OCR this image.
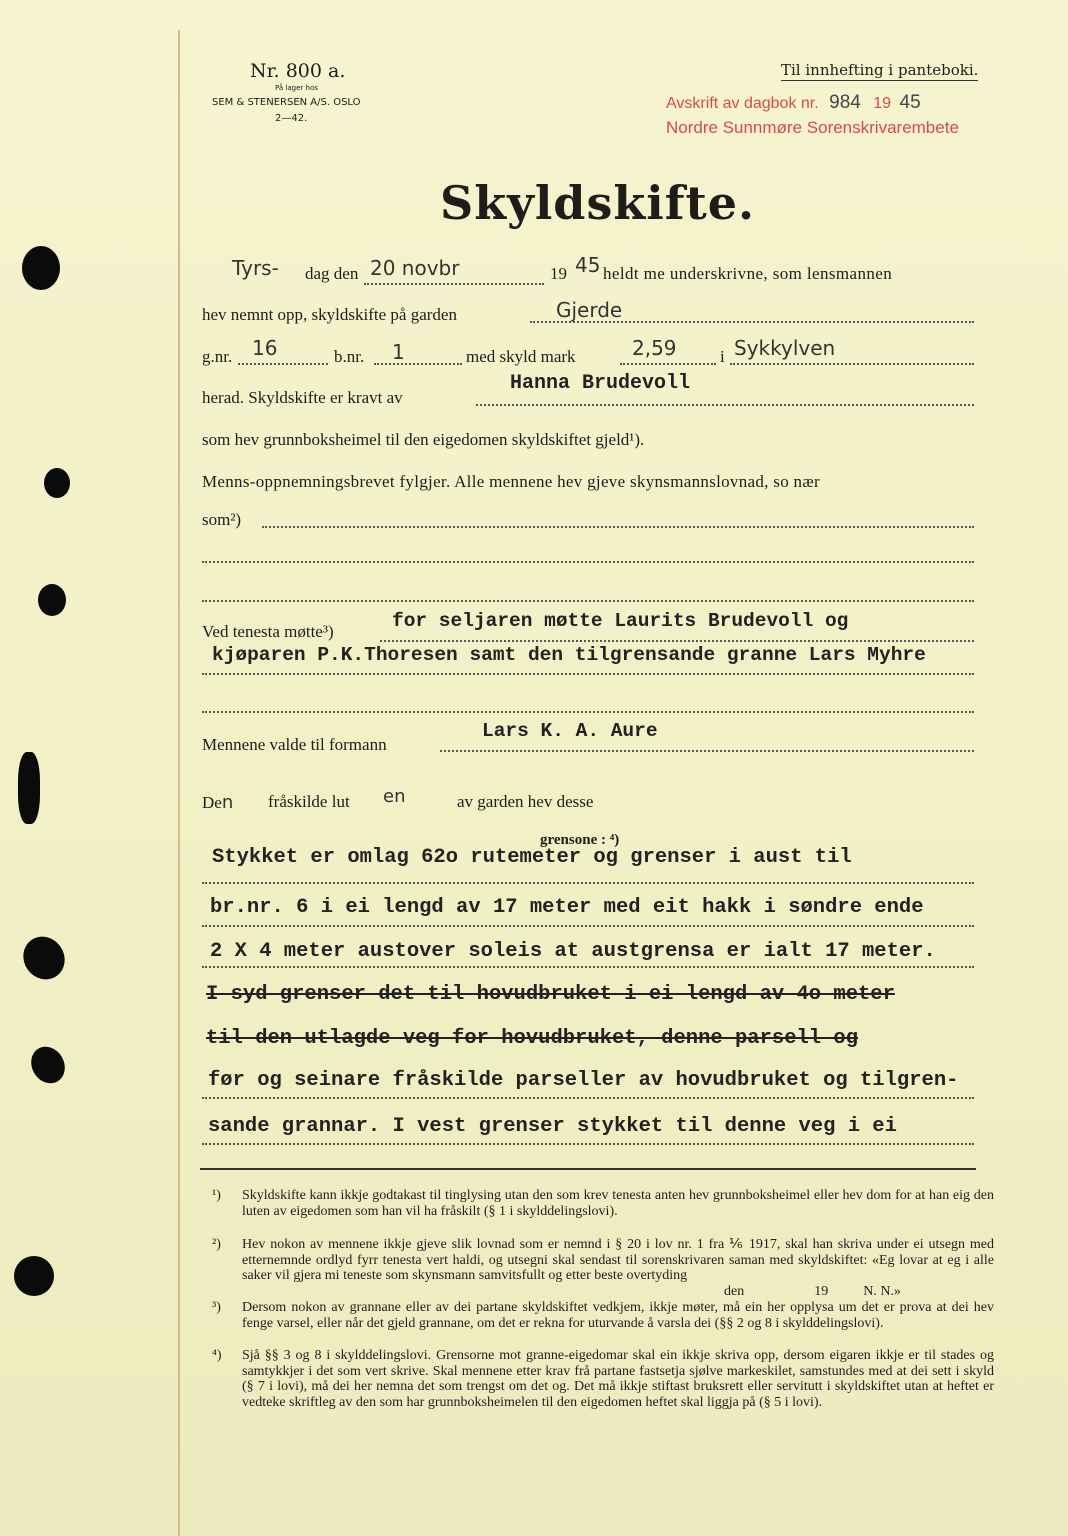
Nr. 800 a.
På lager hos
SEM & STENERSEN A/S. OSLO
2—42.
Til innhefting i panteboki.
Avskrift av dagbok nr. 984 19 45
Nordre Sunnmøre Sorenskrivarembete
Skyldskifte.
Tyrs- dag den 20 novbr	19 45 heldt me underskrivne, som lensmannen
hev nemnt opp, skyldskifte på garden	Gjerde
g.nr. 16	b.nr. 1	med skyld mark	2,59	i Sykkylven
herad. Skyldskifte er kravt av
Hanna Brudevoll
som hev grunnboksheimel til den eigedomen skyldskiftet gjeld¹).
Menns-oppnemningsbrevet fylgjer. Alle mennene hev gjeve skynsmannslovnad, so nær
som²)
Ved tenesta møtte³)	for seljaren møtte Laurits Brudevoll og
kjøparen P.K.Thoresen samt den tilgrensande granne Lars Myhre
Mennene valde til formann
Lars K. A. Aure
Den fråskilde lut en	av garden hev desse
grensone : ⁴)
Stykket er omlag 62o rutemeter og grenser i aust til
br.nr. 6 i ei lengd av 17 meter med eit hakk i søndre ende
2 X 4 meter austover soleis at austgrensa er ialt 17 meter.
I syd grenser det til hovudbruket i ei lengd av 4o meter
til den utlagde veg for hovudbruket, denne parsell og
før og seinare fråskilde parseller av hovudbruket og tilgren-
sande grannar. I vest grenser stykket til denne veg i ei
¹) Skyldskifte kann ikkje godtakast til tinglysing utan den som krev tenesta anten hev grunnboksheimel eller hev dom for at han eig den luten av eigedomen som han vil ha fråskilt (§ 1 i skylddelingslovi).
²) Hev nokon av mennene ikkje gjeve slik lovnad som er nemnd i § 20 i lov nr. 1 fra ⅙ 1917, skal han skriva under ei utsegn med etternemnde ordlyd fyrr tenesta vert haldi, og utsegni skal sendast til sorenskrivaren saman med skyldskiftet: «Eg lovar at eg i alle saker vil gjera mi teneste som skynsmann samvitsfullt og etter beste overtyding
den                    19          N. N.»
³) Dersom nokon av grannane eller av dei partane skyldskiftet vedkjem, ikkje møter, må ein her opplysa um det er prova at dei hev fenge varsel, eller når det gjeld grannane, om det er rekna for uturvande å varsla dei (§§ 2 og 8 i skylddelingslovi).
⁴) Sjå §§ 3 og 8 i skylddelingslovi. Grensorne mot granne-eigedomar skal ein ikkje skriva opp, dersom eigaren ikkje er til stades og samtykkjer i det som vert skrive. Skal mennene etter krav frå partane fastsetja sjølve markeskilet, samstundes med at dei sett i skyld (§ 7 i lovi), må dei her nemna det som trengst om det og. Det må ikkje stiftast bruksrett eller servitutt i skyldskiftet utan at heftet er vedteke skriftleg av den som har grunnboksheimelen til den eigedomen heftet skal liggja på (§ 5 i lovi).
